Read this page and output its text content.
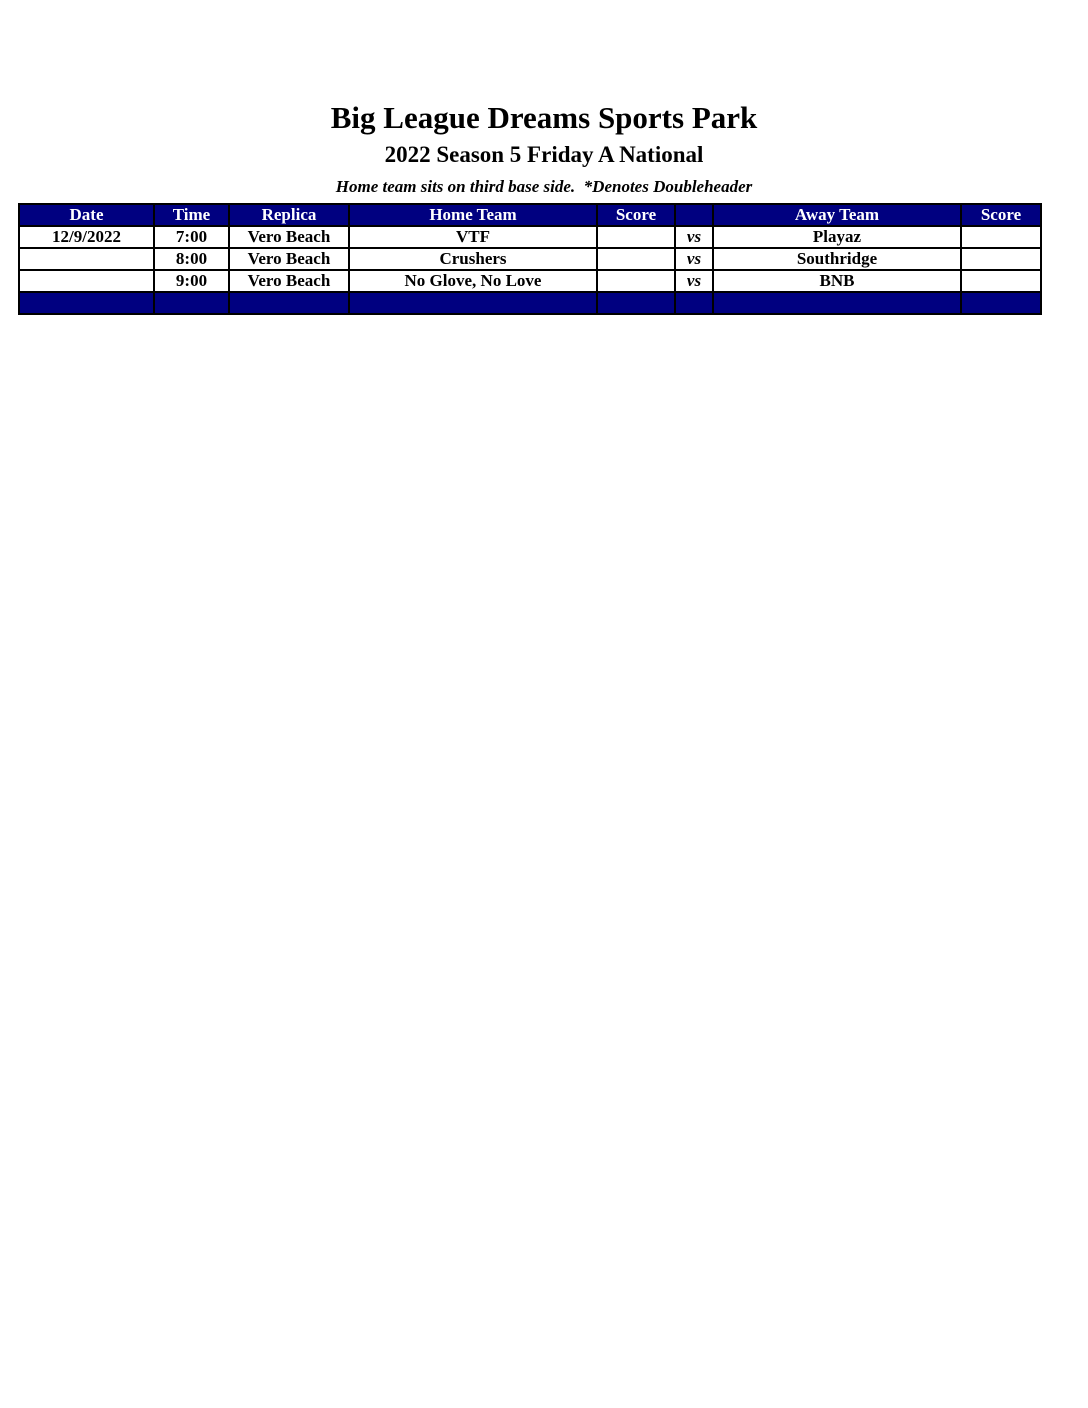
Big League Dreams Sports Park
2022 Season 5 Friday A National

Home team sits on third base side.  *Denotes Doubleheader

Date	Time	Replica	Home Team	Score		Away Team	Score
12/9/2022	7:00	Vero Beach	VTF		vs	Playaz	
	8:00	Vero Beach	Crushers		vs	Southridge	
	9:00	Vero Beach	No Glove, No Love		vs	BNB	
